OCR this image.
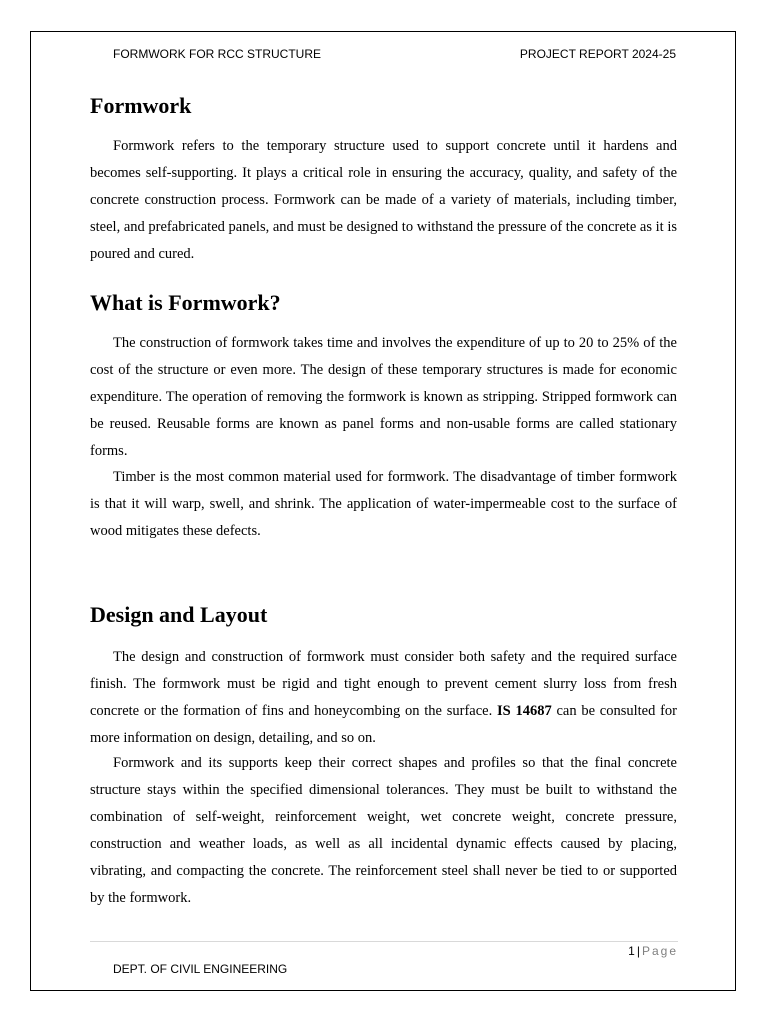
FORMWORK FOR RCC STRUCTURE	PROJECT REPORT 2024-25
Formwork

Formwork refers to the temporary structure used to support concrete until it hardens and becomes self-supporting. It plays a critical role in ensuring the accuracy, quality, and safety of the concrete construction process. Formwork can be made of a variety of materials, including timber, steel, and prefabricated panels, and must be designed to withstand the pressure of the concrete as it is poured and cured.

What is Formwork?

The construction of formwork takes time and involves the expenditure of up to 20 to 25% of the cost of the structure or even more. The design of these temporary structures is made for economic expenditure. The operation of removing the formwork is known as stripping. Stripped formwork can be reused. Reusable forms are known as panel forms and non-usable forms are called stationary forms.

Timber is the most common material used for formwork. The disadvantage of timber formwork is that it will warp, swell, and shrink. The application of water-impermeable cost to the surface of wood mitigates these defects.

Design and Layout

The design and construction of formwork must consider both safety and the required surface finish. The formwork must be rigid and tight enough to prevent cement slurry loss from fresh concrete or the formation of fins and honeycombing on the surface. IS 14687 can be consulted for more information on design, detailing, and so on.

Formwork and its supports keep their correct shapes and profiles so that the final concrete structure stays within the specified dimensional tolerances. They must be built to withstand the combination of self-weight, reinforcement weight, wet concrete weight, concrete pressure, construction and weather loads, as well as all incidental dynamic effects caused by placing, vibrating, and compacting the concrete. The reinforcement steel shall never be tied to or supported by the formwork.

1 | Page
DEPT. OF CIVIL ENGINEERING
